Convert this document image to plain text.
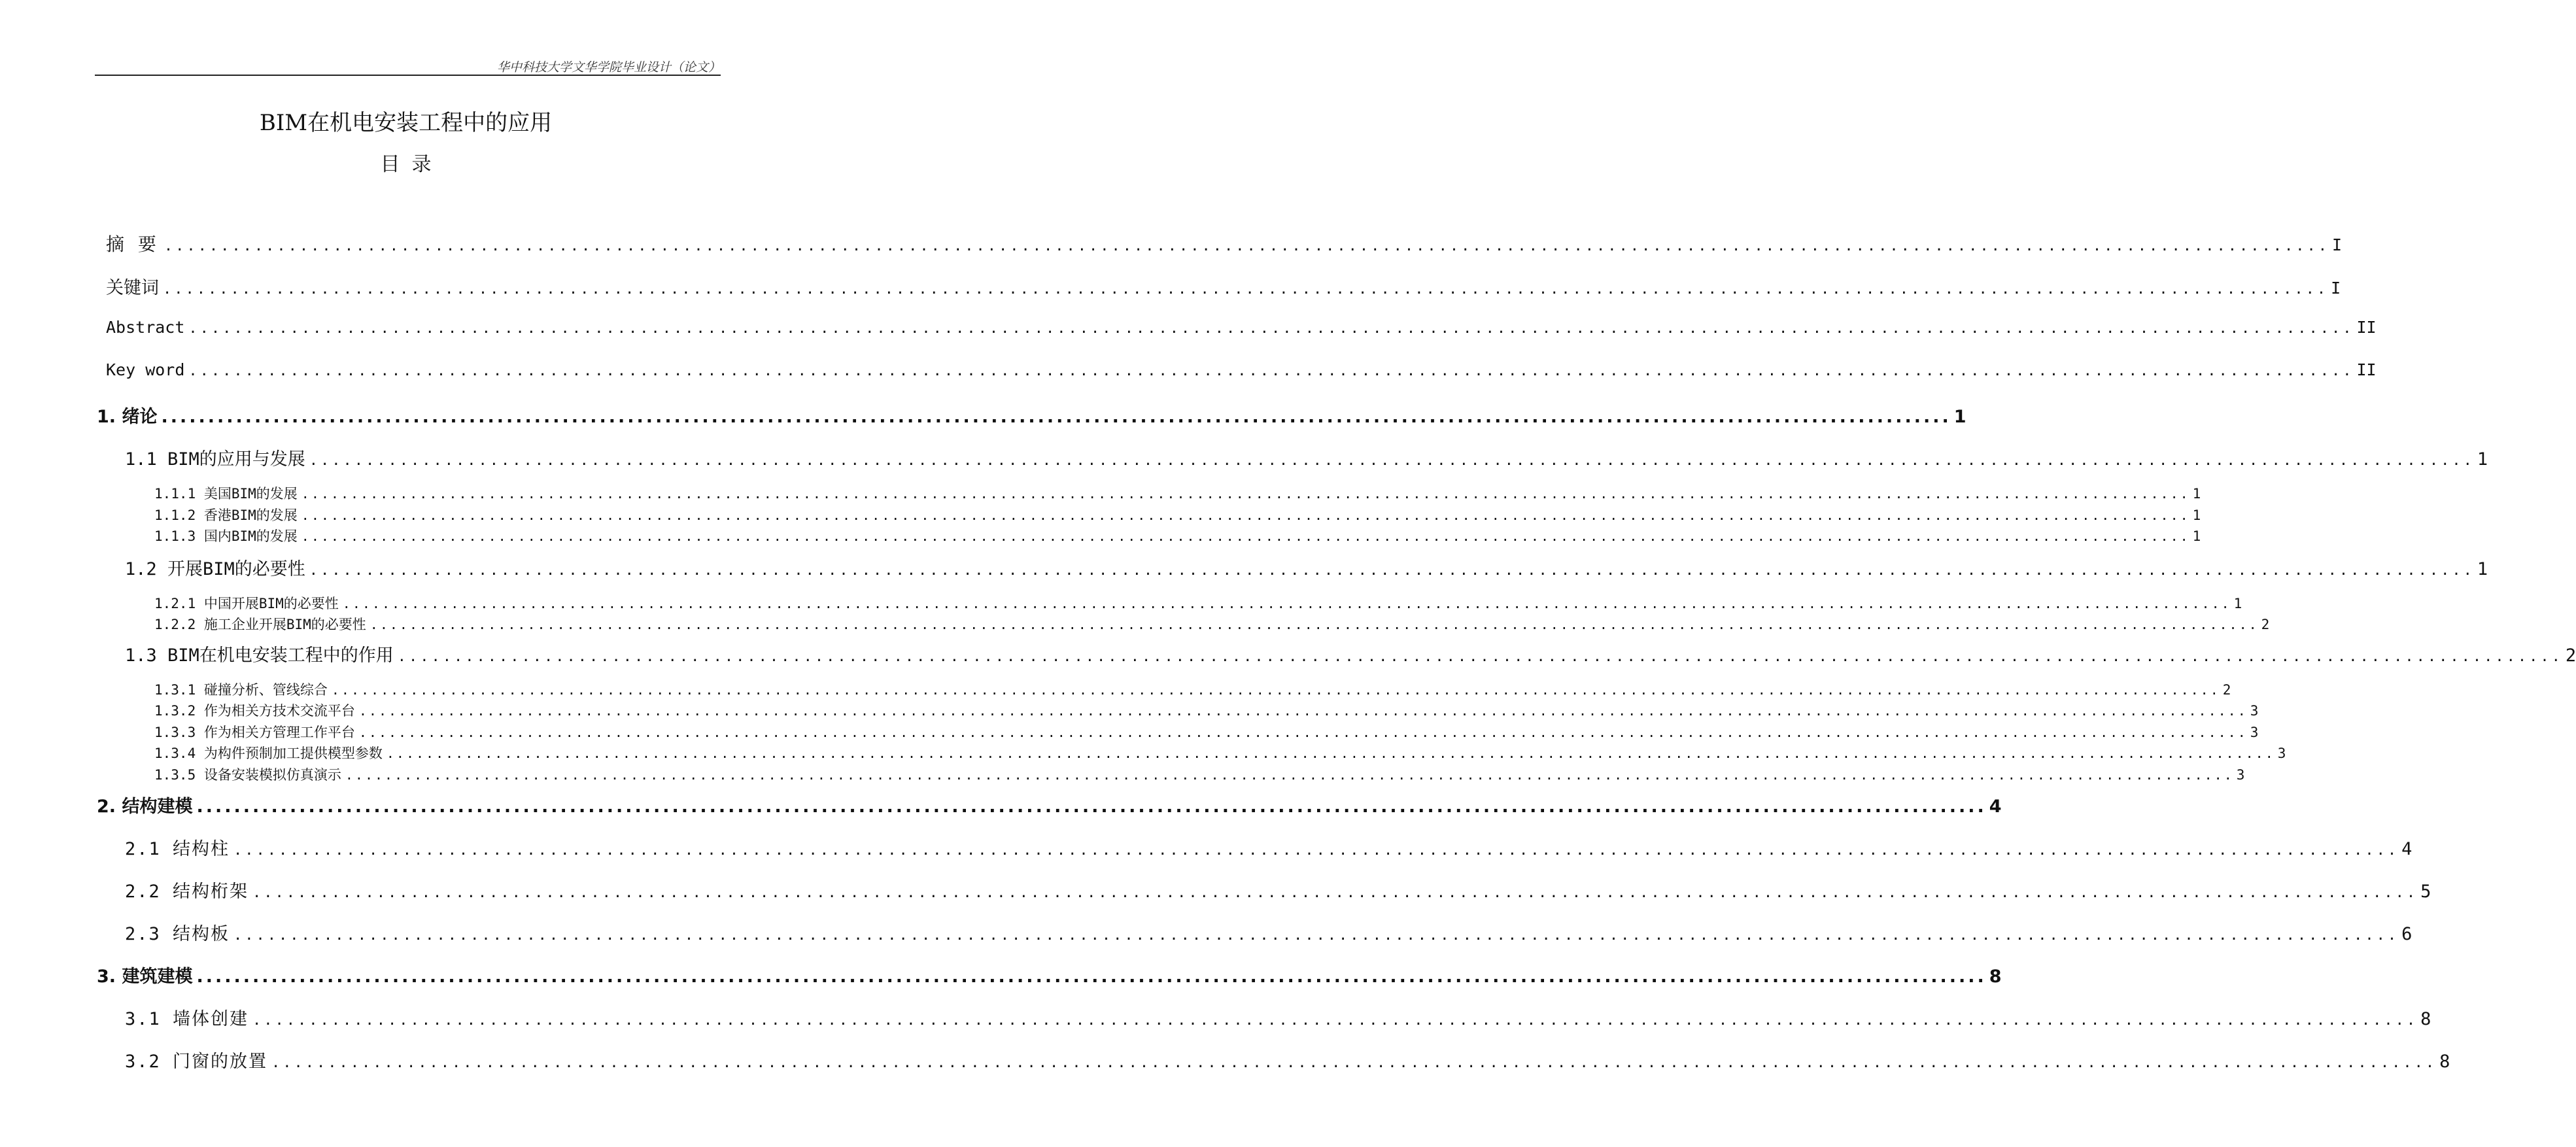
华中科技大学文华学院毕业设计（论文）
BIM在机电安装工程中的应用
目录
摘 要 ................................................................................................................................................................................................ I
关键词 ................................................................................................................................................................................................ I
Abstract ................................................................................................................................................................................................ II
Key word ................................................................................................................................................................................................ II
1. 绪论 ................................................................................................................................................................................................ 1
1.1 BIM的应用与发展 ................................................................................................................................................................................................ 1
1.1.1 美国BIM的发展 ................................................................................................................................................................................................ 1
1.1.2 香港BIM的发展 ................................................................................................................................................................................................ 1
1.1.3 国内BIM的发展 ................................................................................................................................................................................................ 1
1.2 开展BIM的必要性 ................................................................................................................................................................................................ 1
1.2.1 中国开展BIM的必要性 ................................................................................................................................................................................................ 1
1.2.2 施工企业开展BIM的必要性 ................................................................................................................................................................................................ 2
1.3 BIM在机电安装工程中的作用 ................................................................................................................................................................................................ 2
1.3.1 碰撞分析、管线综合 ................................................................................................................................................................................................ 2
1.3.2 作为相关方技术交流平台 ................................................................................................................................................................................................ 3
1.3.3 作为相关方管理工作平台 ................................................................................................................................................................................................ 3
1.3.4 为构件预制加工提供模型参数 ................................................................................................................................................................................................ 3
1.3.5 设备安装模拟仿真演示 ................................................................................................................................................................................................ 3
2. 结构建模 ................................................................................................................................................................................................ 4
2.1 结构柱 ................................................................................................................................................................................................ 4
2.2 结构桁架 ................................................................................................................................................................................................ 5
2.3 结构板 ................................................................................................................................................................................................ 6
3. 建筑建模 ................................................................................................................................................................................................ 8
3.1 墙体创建 ................................................................................................................................................................................................ 8
3.2 门窗的放置 ................................................................................................................................................................................................ 8
